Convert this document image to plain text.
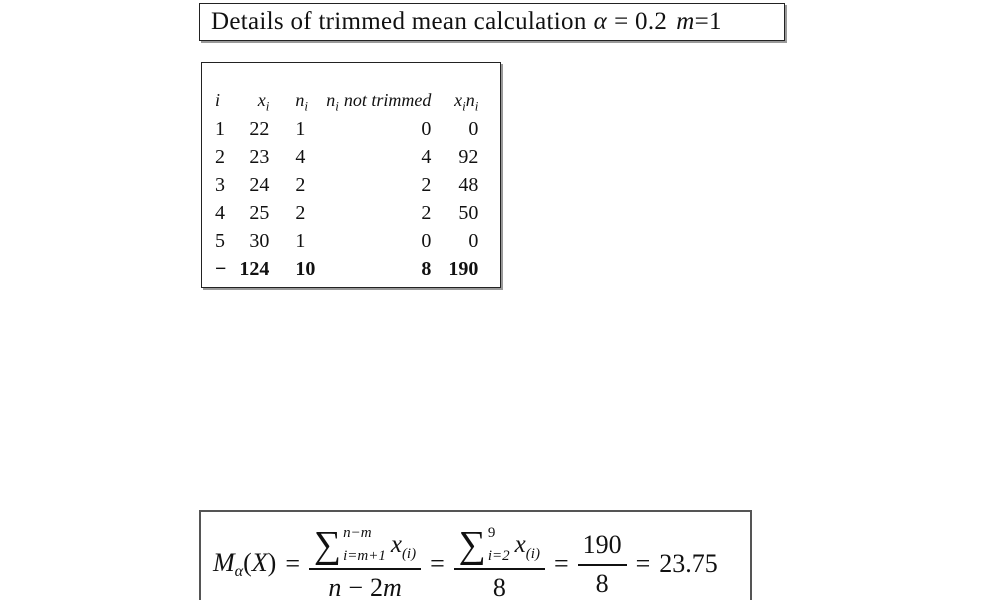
Details of trimmed mean calculation α = 0.2 m=1
i	$x_i$	$n_i$	$n_i$ not trimmed	$x_in_i$
1	22	1	0	0
2	23	4	4	92
3	24	2	2	48
4	25	2	2	50
5	30	1	0	0
−	124	10	8	190
Mα(X) = ∑ n−m
i=m+1 $x_{(i)}$
n − 2 m
= ∑ 9
i=2 $x_{(i)}$
$8 = \frac{190}{8} = 23.75$
